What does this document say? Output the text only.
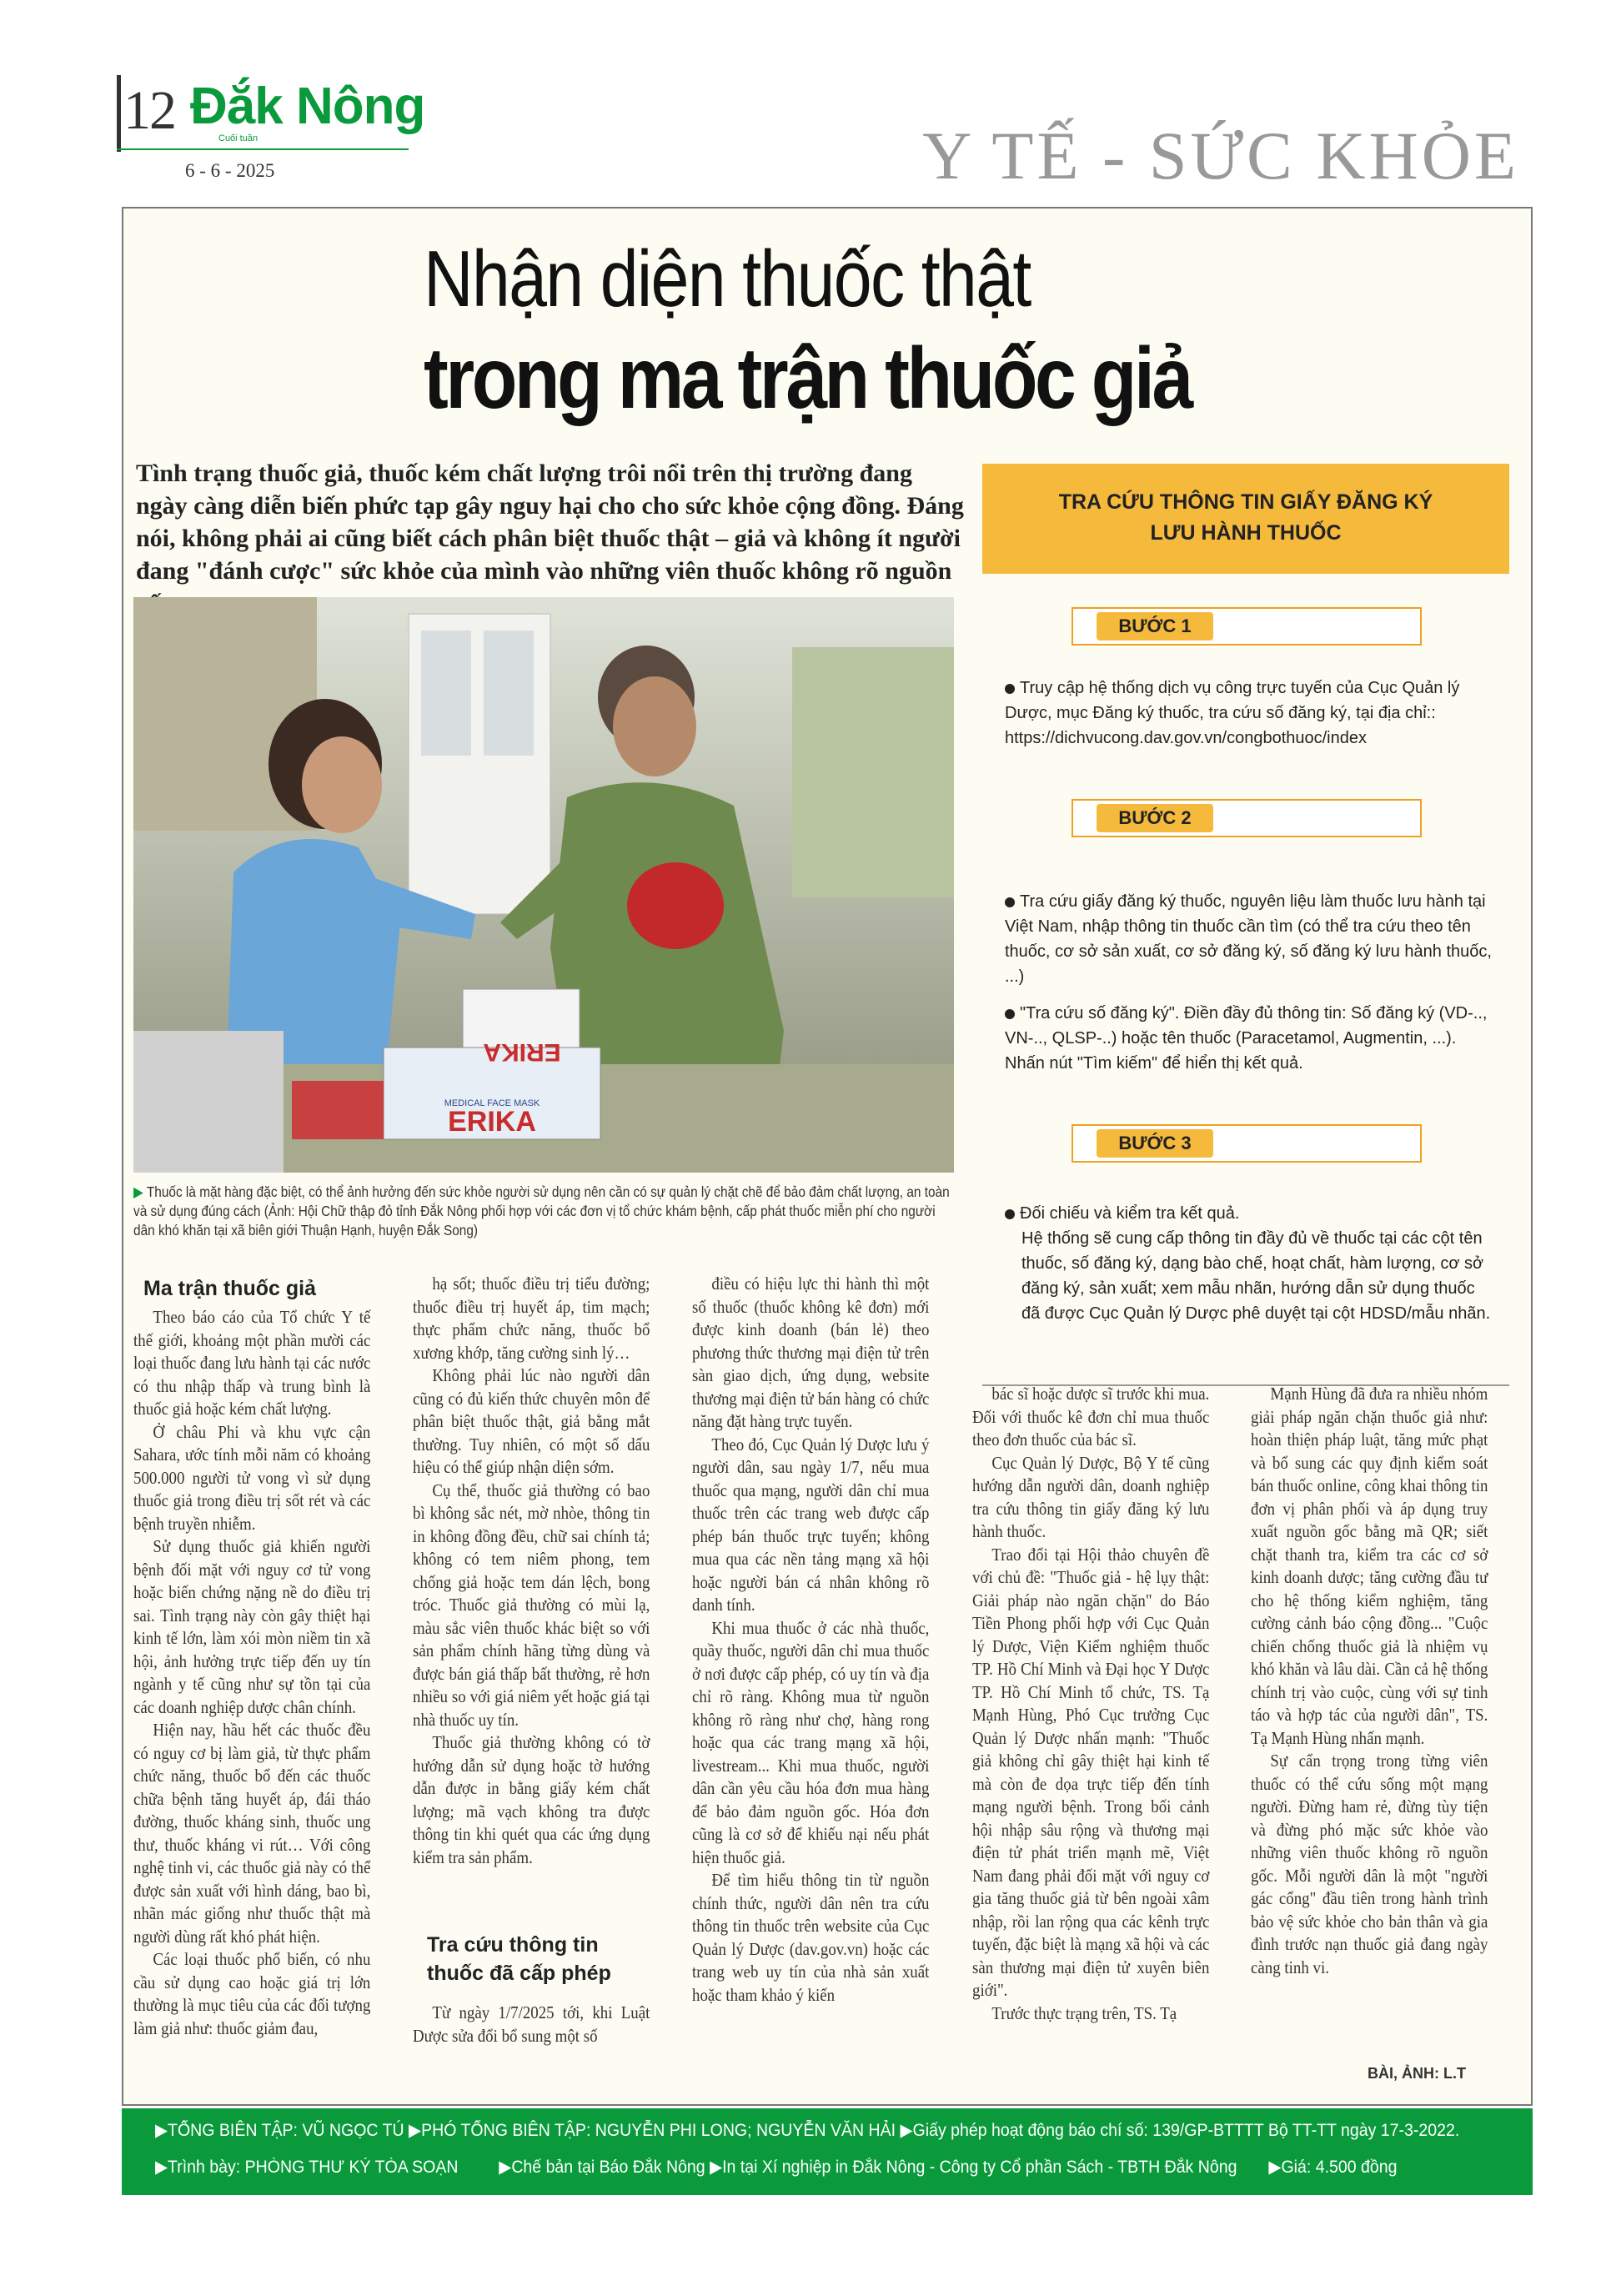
12 Đắk Nông
Cuối tuần
6 - 6 - 2025	Y TẾ - SỨC KHỎE
Nhận diện thuốc thật
trong ma trận thuốc giả
Tình trạng thuốc giả, thuốc kém chất lượng trôi nổi trên thị trường đang ngày càng diễn biến phức tạp gây nguy hại cho cho sức khỏe cộng đồng. Đáng nói, không phải ai cũng biết cách phân biệt thuốc thật – giả và không ít người đang "đánh cược" sức khỏe của mình vào những viên thuốc không rõ nguồn
ERIKA
MEDICAL FACE MASK
ERIKA
▶ Thuốc là mặt hàng đặc biệt, có thể ảnh hưởng đến sức khỏe người sử dụng nên cần có sự quản lý chặt chẽ để bảo đảm chất lượng, an toàn và sử dụng đúng cách (Ảnh: Hội Chữ thập đỏ tỉnh Đắk Nông phối hợp với các đơn vị tổ chức khám bệnh, cấp phát thuốc miễn phí cho người dân khó khăn tại xã biên giới Thuận Hạnh, huyện Đắk Song)
TRA CỨU THÔNG TIN GIẤY ĐĂNG KÝ
LƯU HÀNH THUỐC
BƯỚC 1
Truy cập hệ thống dịch vụ công trực tuyến của Cục Quản lý Dược, mục Đăng ký thuốc, tra cứu số đăng ký, tại địa chỉ:: https://dichvucong.dav.gov.vn/congbothuoc/index
BƯỚC 2
Tra cứu giấy đăng ký thuốc, nguyên liệu làm thuốc lưu hành tại Việt Nam, nhập thông tin thuốc cần tìm (có thể tra cứu theo tên thuốc, cơ sở sản xuất, cơ sở đăng ký, số đăng ký lưu hành thuốc, ...)
"Tra cứu số đăng ký". Điền đầy đủ thông tin: Số đăng ký (VD-.., VN-.., QLSP-..) hoặc tên thuốc (Paracetamol, Augmentin, ...). Nhấn nút "Tìm kiếm" để hiển thị kết quả.
BƯỚC 3
Đối chiếu và kiểm tra kết quả.
Hệ thống sẽ cung cấp thông tin đầy đủ về thuốc tại các cột tên thuốc, số đăng ký, dạng bào chế, hoạt chất, hàm lượng, cơ sở đăng ký, sản xuất; xem mẫu nhãn, hướng dẫn sử dụng thuốc đã được Cục Quản lý Dược phê duyệt tại cột HDSD/mẫu nhãn.
Ma trận thuốc giả

Theo báo cáo của Tổ chức Y tế thế giới, khoảng một phần mười các loại thuốc đang lưu hành tại các nước có thu nhập thấp và trung bình là thuốc giả hoặc kém chất lượng.

Ở châu Phi và khu vực cận Sahara, ước tính mỗi năm có khoảng 500.000 người tử vong vì sử dụng thuốc giả trong điều trị sốt rét và các bệnh truyền nhiễm.

Sử dụng thuốc giả khiến người bệnh đối mặt với nguy cơ tử vong hoặc biến chứng nặng nề do điều trị sai. Tình trạng này còn gây thiệt hại kinh tế lớn, làm xói mòn niềm tin xã hội, ảnh hưởng trực tiếp đến uy tín ngành y tế cũng như sự tồn tại của các doanh nghiệp dược chân chính.

Hiện nay, hầu hết các thuốc đều có nguy cơ bị làm giả, từ thực phẩm chức năng, thuốc bổ đến các thuốc chữa bệnh tăng huyết áp, đái tháo đường, thuốc kháng sinh, thuốc ung thư, thuốc kháng vi rút… Với công nghệ tinh vi, các thuốc giả này có thể được sản xuất với hình dáng, bao bì, nhãn mác giống như thuốc thật mà người dùng rất khó phát hiện.

Các loại thuốc phổ biến, có nhu cầu sử dụng cao hoặc giá trị lớn thường là mục tiêu của các đối tượng làm giả như: thuốc giảm đau,

hạ sốt; thuốc điều trị tiểu đường; thuốc điều trị huyết áp, tim mạch; thực phẩm chức năng, thuốc bổ xương khớp, tăng cường sinh lý…

Không phải lúc nào người dân cũng có đủ kiến thức chuyên môn để phân biệt thuốc thật, giả bằng mắt thường. Tuy nhiên, có một số dấu hiệu có thể giúp nhận diện sớm.

Cụ thể, thuốc giả thường có bao bì không sắc nét, mờ nhòe, thông tin in không đồng đều, chữ sai chính tả; không có tem niêm phong, tem chống giả hoặc tem dán lệch, bong tróc. Thuốc giả thường có mùi lạ, màu sắc viên thuốc khác biệt so với sản phẩm chính hãng từng dùng và được bán giá thấp bất thường, rẻ hơn nhiều so với giá niêm yết hoặc giá tại nhà thuốc uy tín.

Thuốc giả thường không có tờ hướng dẫn sử dụng hoặc tờ hướng dẫn được in bằng giấy kém chất lượng; mã vạch không tra được thông tin khi quét qua các ứng dụng kiểm tra sản phẩm.

Tra cứu thông tin
thuốc đã cấp phép

Từ ngày 1/7/2025 tới, khi Luật Dược sửa đổi bổ sung một số

điều có hiệu lực thi hành thì một số thuốc (thuốc không kê đơn) mới được kinh doanh (bán lẻ) theo phương thức thương mại điện tử trên sàn giao dịch, ứng dụng, website thương mại điện tử bán hàng có chức năng đặt hàng trực tuyến.

Theo đó, Cục Quản lý Dược lưu ý người dân, sau ngày 1/7, nếu mua thuốc qua mạng, người dân chỉ mua thuốc trên các trang web được cấp phép bán thuốc trực tuyến; không mua qua các nền tảng mạng xã hội hoặc người bán cá nhân không rõ danh tính.

Khi mua thuốc ở các nhà thuốc, quầy thuốc, người dân chỉ mua thuốc ở nơi được cấp phép, có uy tín và địa chỉ rõ ràng. Không mua từ nguồn không rõ ràng như chợ, hàng rong hoặc qua các trang mạng xã hội, livestream... Khi mua thuốc, người dân cần yêu cầu hóa đơn mua hàng để bảo đảm nguồn gốc. Hóa đơn cũng là cơ sở để khiếu nại nếu phát hiện thuốc giả.

Để tìm hiểu thông tin từ nguồn chính thức, người dân nên tra cứu thông tin thuốc trên website của Cục Quản lý Dược (dav.gov.vn) hoặc các trang web uy tín của nhà sản xuất hoặc tham khảo ý kiến

bác sĩ hoặc dược sĩ trước khi mua. Đối với thuốc kê đơn chỉ mua thuốc theo đơn thuốc của bác sĩ.

Cục Quản lý Dược, Bộ Y tế cũng hướng dẫn người dân, doanh nghiệp tra cứu thông tin giấy đăng ký lưu hành thuốc.

Trao đổi tại Hội thảo chuyên đề với chủ đề: "Thuốc giả - hệ lụy thật: Giải pháp nào ngăn chặn" do Báo Tiền Phong phối hợp với Cục Quản lý Dược, Viện Kiểm nghiệm thuốc TP. Hồ Chí Minh và Đại học Y Dược TP. Hồ Chí Minh tổ chức, TS. Tạ Mạnh Hùng, Phó Cục trưởng Cục Quản lý Dược nhấn mạnh: "Thuốc giả không chỉ gây thiệt hại kinh tế mà còn đe dọa trực tiếp đến tính mạng người bệnh. Trong bối cảnh hội nhập sâu rộng và thương mại điện tử phát triển mạnh mẽ, Việt Nam đang phải đối mặt với nguy cơ gia tăng thuốc giả từ bên ngoài xâm nhập, rồi lan rộng qua các kênh trực tuyến, đặc biệt là mạng xã hội và các sàn thương mại điện tử xuyên biên giới".

Trước thực trạng trên, TS. Tạ

Mạnh Hùng đã đưa ra nhiều nhóm giải pháp ngăn chặn thuốc giả như: hoàn thiện pháp luật, tăng mức phạt và bổ sung các quy định kiểm soát bán thuốc online, công khai thông tin đơn vị phân phối và áp dụng truy xuất nguồn gốc bằng mã QR; siết chặt thanh tra, kiểm tra các cơ sở kinh doanh dược; tăng cường đầu tư cho hệ thống kiểm nghiệm, tăng cường cảnh báo cộng đồng... "Cuộc chiến chống thuốc giả là nhiệm vụ khó khăn và lâu dài. Cần cả hệ thống chính trị vào cuộc, cùng với sự tinh táo và hợp tác của người dân", TS. Tạ Mạnh Hùng nhấn mạnh.

Sự cẩn trọng trong từng viên thuốc có thể cứu sống một mạng người. Đừng ham rẻ, đừng tùy tiện và đừng phó mặc sức khỏe vào những viên thuốc không rõ nguồn gốc. Mỗi người dân là một "người gác cổng" đầu tiên trong hành trình bảo vệ sức khỏe cho bản thân và gia đình trước nạn thuốc giả đang ngày càng tinh vi.

BÀI, ẢNH: L.T
▶TỔNG BIÊN TẬP: VŨ NGỌC TÚ ▶PHÓ TỔNG BIÊN TẬP: NGUYỄN PHI LONG; NGUYỄN VĂN HẢI ▶Giấy phép hoạt động báo chí số: 139/GP-BTTTT Bộ TT-TT ngày 17-3-2022.
▶Trình bày: PHÒNG THƯ KÝ TÒA SOẠN ▶Chế bản tại Báo Đắk Nông ▶In tại Xí nghiệp in Đắk Nông - Công ty Cổ phần Sách - TBTH Đắk Nông ▶Giá: 4.500 đồng
